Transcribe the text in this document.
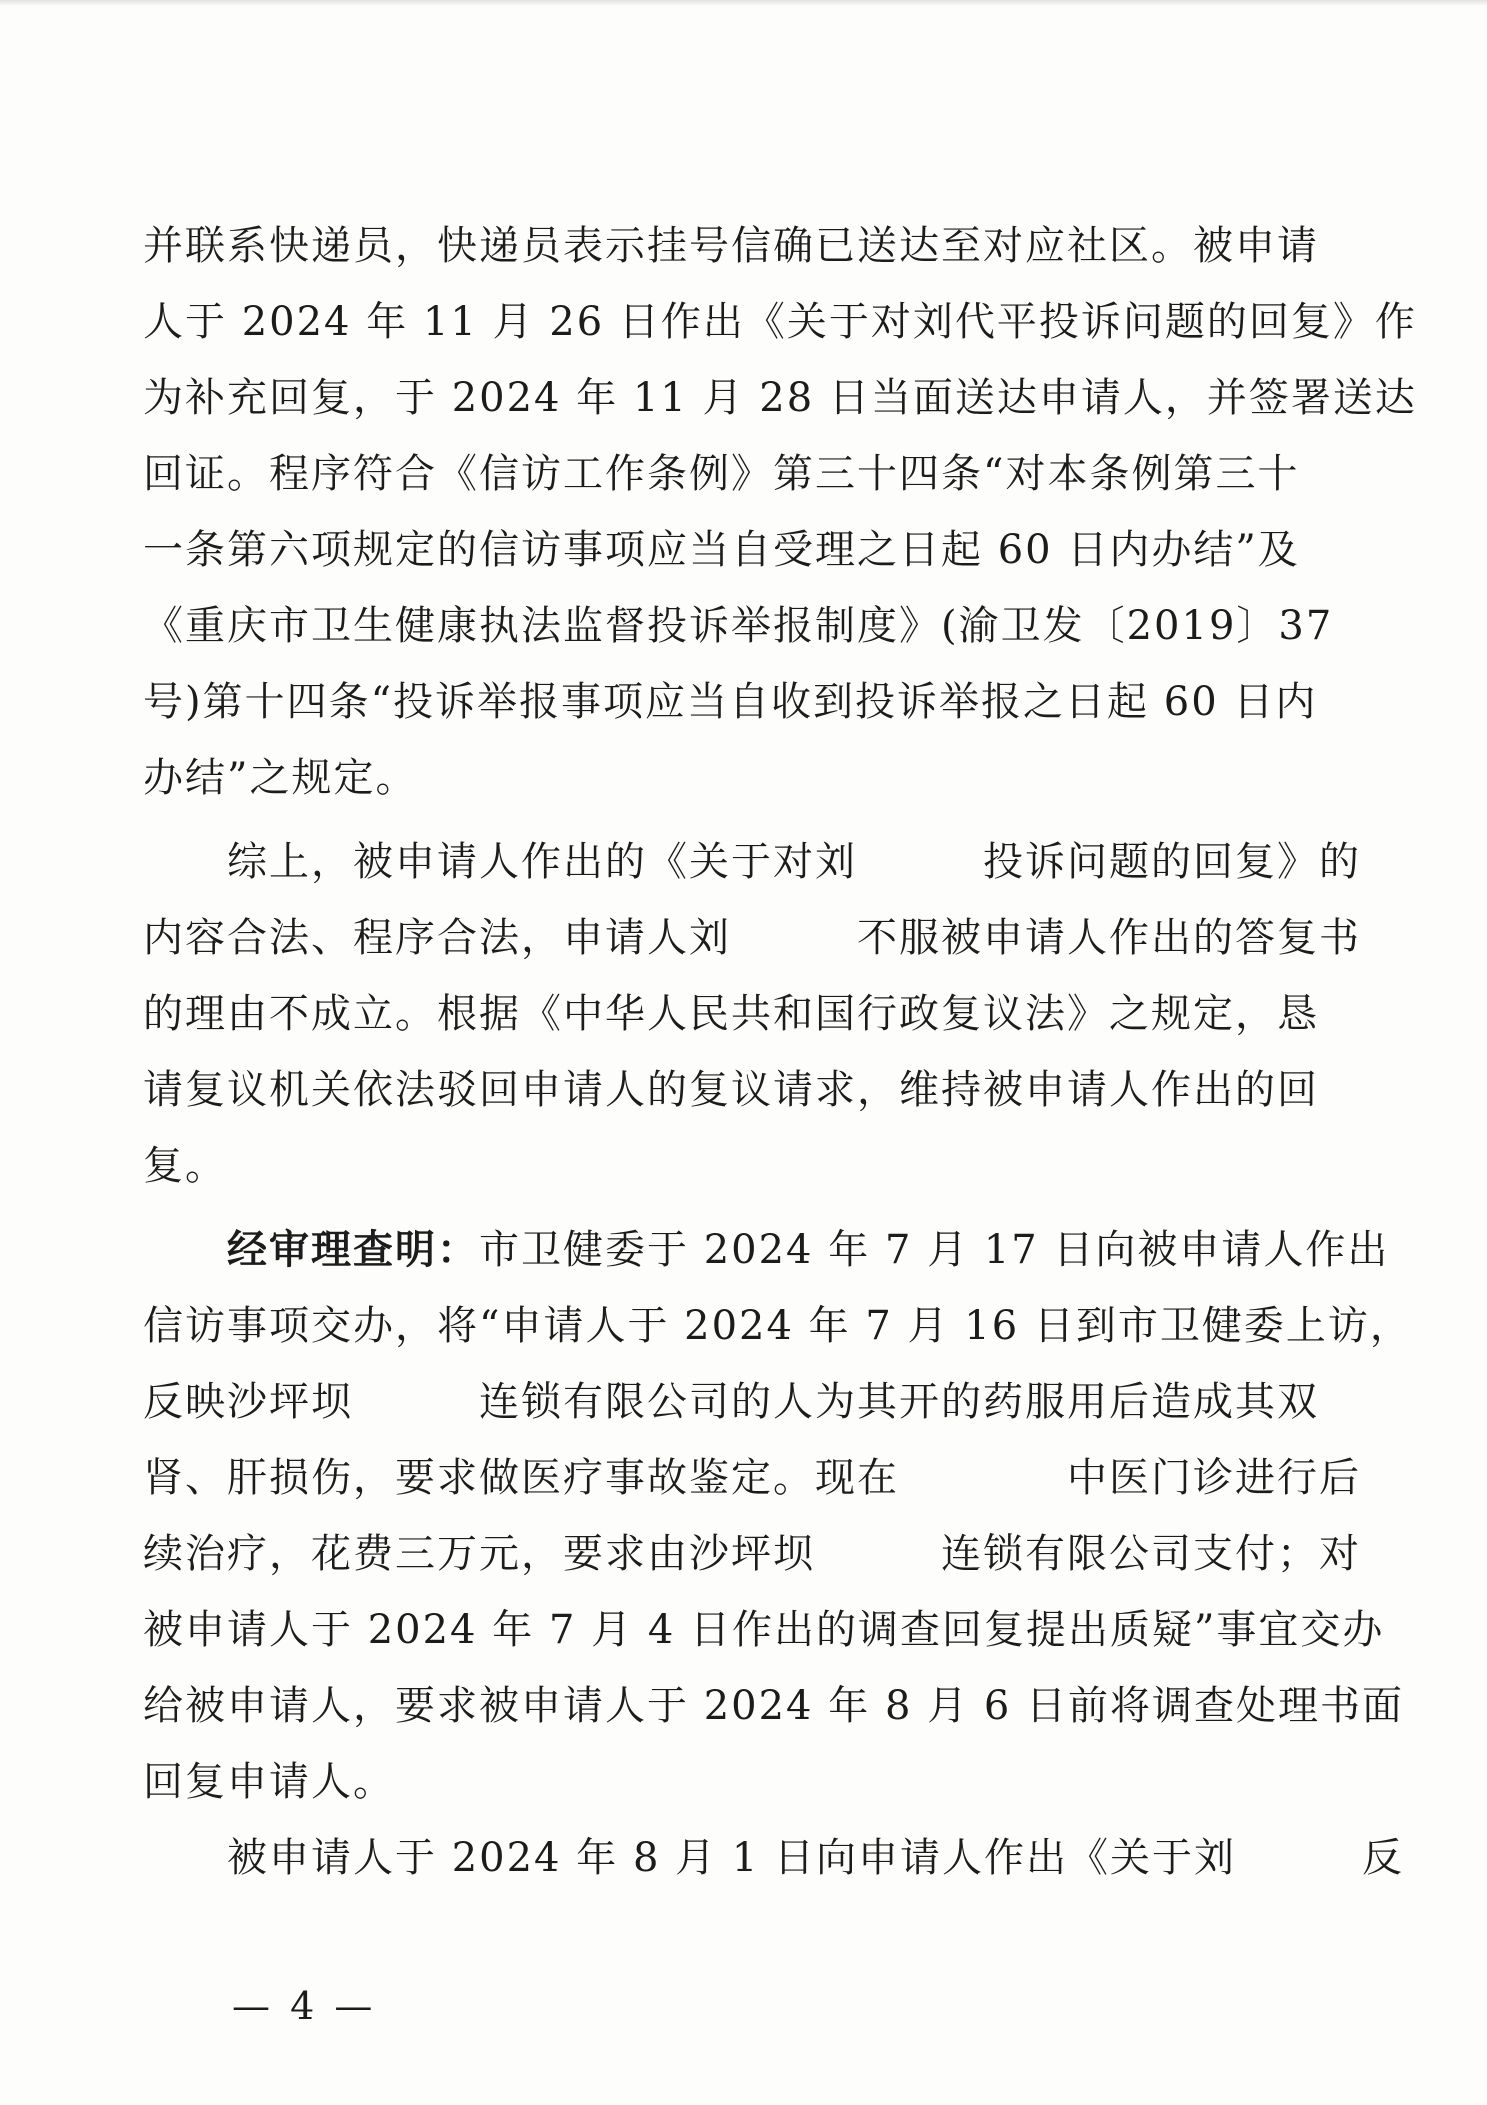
并联系快递员，快递员表示挂号信确已送达至对应社区。被申请
人于 2024 年 11 月 26 日作出《关于对刘代平投诉问题的回复》作
为补充回复，于 2024 年 11 月 28 日当面送达申请人，并签署送达
回证。程序符合《信访工作条例》第三十四条“对本条例第三十
一条第六项规定的信访事项应当自受理之日起 60 日内办结”及
《重庆市卫生健康执法监督投诉举报制度》(渝卫发〔2019〕37
号)第十四条“投诉举报事项应当自收到投诉举报之日起 60 日内
办结”之规定。
　　综上，被申请人作出的《关于对刘　　　投诉问题的回复》的
内容合法、程序合法，申请人刘　　　不服被申请人作出的答复书
的理由不成立。根据《中华人民共和国行政复议法》之规定，恳
请复议机关依法驳回申请人的复议请求，维持被申请人作出的回
复。
　　经审理查明：市卫健委于 2024 年 7 月 17 日向被申请人作出
信访事项交办，将“申请人于 2024 年 7 月 16 日到市卫健委上访，
反映沙坪坝　　　连锁有限公司的人为其开的药服用后造成其双
肾、肝损伤，要求做医疗事故鉴定。现在　　　　中医门诊进行后
续治疗，花费三万元，要求由沙坪坝　　　连锁有限公司支付；对
被申请人于 2024 年 7 月 4 日作出的调查回复提出质疑”事宜交办
给被申请人，要求被申请人于 2024 年 8 月 6 日前将调查处理书面
回复申请人。
　　被申请人于 2024 年 8 月 1 日向申请人作出《关于刘　　　反
— 4 —
